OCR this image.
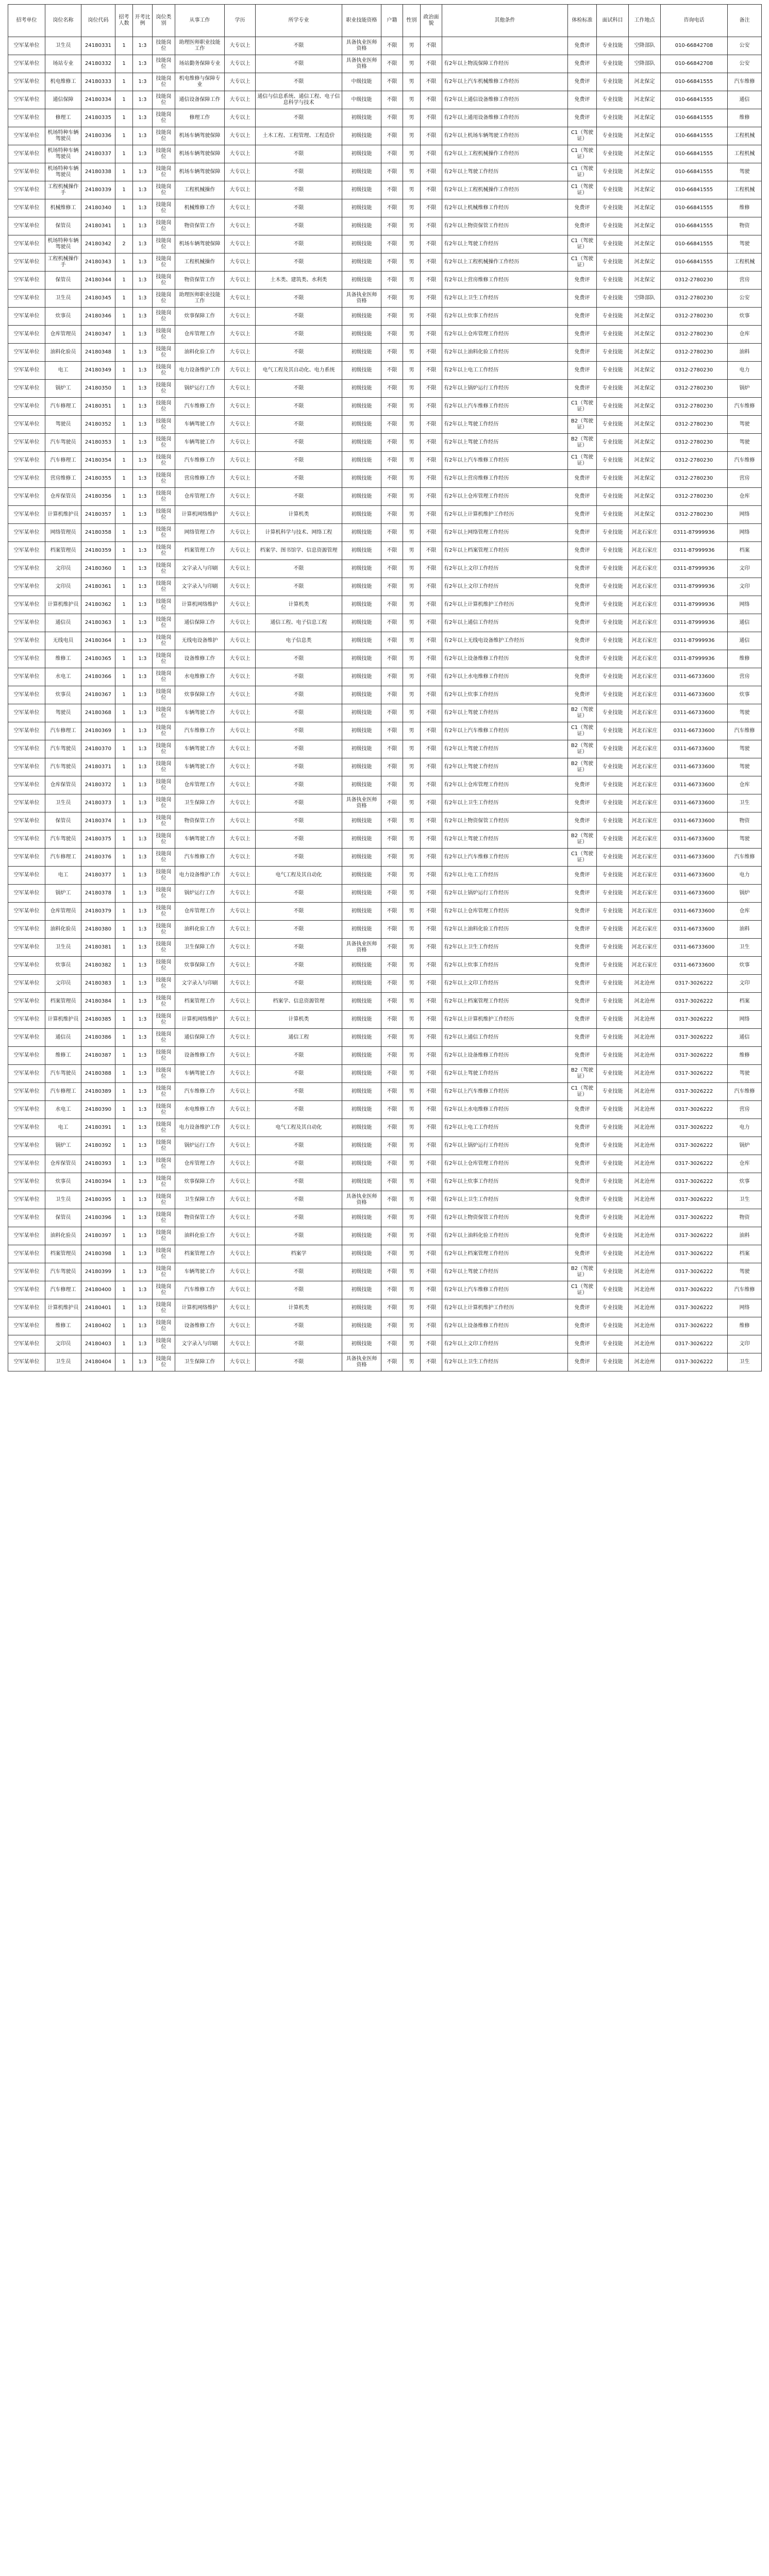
招考单位	岗位名称	岗位代码	招考人数	开考比例	岗位类别	从事工作	学历	所学专业	职业技能资格	户籍	性别	政治面貌	其他条件	体检标准	面试科目	工作地点	咨询电话	备注
空军某单位	卫生员	24180331	1	1:3	技能岗位	助理医师职业技能工作	大专以上	不限	具备执业医师资格	不限	男	不限		免费评	专业技能	空降部队	010-66842708	公安
空军某单位	场站专业	24180332	1	1:3	技能岗位	场站勤务保障专业	大专以上	不限	具备执业医师资格	不限	男	不限	有2年以上物流保障工作经历	免费评	专业技能	空降部队	010-66842708	公安
空军某单位	机电维修工	24180333	1	1:3	技能岗位	机电维修与保障专业	大专以上	不限	中级技能	不限	男	不限	有2年以上汽车机械维修工作经历	免费评	专业技能	河北保定	010-66841555	汽车维修
空军某单位	通信保障	24180334	1	1:3	技能岗位	通信设备保障工作	大专以上	通信与信息系统、通信工程、电子信息科学与技术	中级技能	不限	男	不限	有2年以上通信设备维修工作经历	免费评	专业技能	河北保定	010-66841555	通信
空军某单位	修理工	24180335	1	1:3	技能岗位	修理工作	大专以上	不限	初级技能	不限	男	不限	有2年以上通用设备维修工作经历	免费评	专业技能	河北保定	010-66841555	维修
空军某单位	机场特种车辆驾驶员	24180336	1	1:3	技能岗位	机场车辆驾驶保障	大专以上	土木工程、工程管理、工程造价	初级技能	不限	男	不限	有2年以上机场车辆驾驶工作经历	C1（驾驶证）	专业技能	河北保定	010-66841555	工程机械
空军某单位	机场特种车辆驾驶员	24180337	1	1:3	技能岗位	机场车辆驾驶保障	大专以上	不限	初级技能	不限	男	不限	有2年以上工程机械操作工作经历	C1（驾驶证）	专业技能	河北保定	010-66841555	工程机械
空军某单位	机场特种车辆驾驶员	24180338	1	1:3	技能岗位	机场车辆驾驶保障	大专以上	不限	初级技能	不限	男	不限	有2年以上驾驶工作经历	C1（驾驶证）	专业技能	河北保定	010-66841555	驾驶
空军某单位	工程机械操作手	24180339	1	1:3	技能岗位	工程机械操作	大专以上	不限	初级技能	不限	男	不限	有2年以上工程机械操作工作经历	C1（驾驶证）	专业技能	河北保定	010-66841555	工程机械
空军某单位	机械维修工	24180340	1	1:3	技能岗位	机械维修工作	大专以上	不限	初级技能	不限	男	不限	有2年以上机械维修工作经历	免费评	专业技能	河北保定	010-66841555	维修
空军某单位	保管员	24180341	1	1:3	技能岗位	物资保管工作	大专以上	不限	初级技能	不限	男	不限	有2年以上物资保管工作经历	免费评	专业技能	河北保定	010-66841555	物资
空军某单位	机场特种车辆驾驶员	24180342	2	1:3	技能岗位	机场车辆驾驶保障	大专以上	不限	初级技能	不限	男	不限	有2年以上驾驶工作经历	C1（驾驶证）	专业技能	河北保定	010-66841555	驾驶
空军某单位	工程机械操作手	24180343	1	1:3	技能岗位	工程机械操作	大专以上	不限	初级技能	不限	男	不限	有2年以上工程机械操作工作经历	C1（驾驶证）	专业技能	河北保定	010-66841555	工程机械
空军某单位	保管员	24180344	1	1:3	技能岗位	物资保管工作	大专以上	土木类、建筑类、水利类	初级技能	不限	男	不限	有2年以上营房维修工作经历	免费评	专业技能	河北保定	0312-2780230	营房
空军某单位	卫生员	24180345	1	1:3	技能岗位	助理医师职业技能工作	大专以上	不限	具备执业医师资格	不限	男	不限	有2年以上卫生工作经历	免费评	专业技能	空降部队	0312-2780230	公安
空军某单位	炊事员	24180346	1	1:3	技能岗位	炊事保障工作	大专以上	不限	初级技能	不限	男	不限	有2年以上炊事工作经历	免费评	专业技能	河北保定	0312-2780230	炊事
空军某单位	仓库管理员	24180347	1	1:3	技能岗位	仓库管理工作	大专以上	不限	初级技能	不限	男	不限	有2年以上仓库管理工作经历	免费评	专业技能	河北保定	0312-2780230	仓库
空军某单位	油料化验员	24180348	1	1:3	技能岗位	油料化验工作	大专以上	不限	初级技能	不限	男	不限	有2年以上油料化验工作经历	免费评	专业技能	河北保定	0312-2780230	油料
空军某单位	电工	24180349	1	1:3	技能岗位	电力设备维护工作	大专以上	电气工程及其自动化、电力系统	初级技能	不限	男	不限	有2年以上电工工作经历	免费评	专业技能	河北保定	0312-2780230	电力
空军某单位	锅炉工	24180350	1	1:3	技能岗位	锅炉运行工作	大专以上	不限	初级技能	不限	男	不限	有2年以上锅炉运行工作经历	免费评	专业技能	河北保定	0312-2780230	锅炉
空军某单位	汽车修理工	24180351	1	1:3	技能岗位	汽车维修工作	大专以上	不限	初级技能	不限	男	不限	有2年以上汽车维修工作经历	C1（驾驶证）	专业技能	河北保定	0312-2780230	汽车维修
空军某单位	驾驶员	24180352	1	1:3	技能岗位	车辆驾驶工作	大专以上	不限	初级技能	不限	男	不限	有2年以上驾驶工作经历	B2（驾驶证）	专业技能	河北保定	0312-2780230	驾驶
空军某单位	汽车驾驶员	24180353	1	1:3	技能岗位	车辆驾驶工作	大专以上	不限	初级技能	不限	男	不限	有2年以上驾驶工作经历	B2（驾驶证）	专业技能	河北保定	0312-2780230	驾驶
空军某单位	汽车修理工	24180354	1	1:3	技能岗位	汽车维修工作	大专以上	不限	初级技能	不限	男	不限	有2年以上汽车维修工作经历	C1（驾驶证）	专业技能	河北保定	0312-2780230	汽车维修
空军某单位	营房维修工	24180355	1	1:3	技能岗位	营房维修工作	大专以上	不限	初级技能	不限	男	不限	有2年以上营房维修工作经历	免费评	专业技能	河北保定	0312-2780230	营房
空军某单位	仓库保管员	24180356	1	1:3	技能岗位	仓库管理工作	大专以上	不限	初级技能	不限	男	不限	有2年以上仓库管理工作经历	免费评	专业技能	河北保定	0312-2780230	仓库
空军某单位	计算机维护员	24180357	1	1:3	技能岗位	计算机网络维护	大专以上	计算机类	初级技能	不限	男	不限	有2年以上计算机维护工作经历	免费评	专业技能	河北保定	0312-2780230	网络
空军某单位	网络管理员	24180358	1	1:3	技能岗位	网络管理工作	大专以上	计算机科学与技术、网络工程	初级技能	不限	男	不限	有2年以上网络管理工作经历	免费评	专业技能	河北石家庄	0311-87999936	网络
空军某单位	档案管理员	24180359	1	1:3	技能岗位	档案管理工作	大专以上	档案学、图书馆学、信息资源管理	初级技能	不限	男	不限	有2年以上档案管理工作经历	免费评	专业技能	河北石家庄	0311-87999936	档案
空军某单位	文印员	24180360	1	1:3	技能岗位	文字录入与印刷	大专以上	不限	初级技能	不限	男	不限	有2年以上文印工作经历	免费评	专业技能	河北石家庄	0311-87999936	文印
空军某单位	文印员	24180361	1	1:3	技能岗位	文字录入与印刷	大专以上	不限	初级技能	不限	男	不限	有2年以上文印工作经历	免费评	专业技能	河北石家庄	0311-87999936	文印
空军某单位	计算机维护员	24180362	1	1:3	技能岗位	计算机网络维护	大专以上	计算机类	初级技能	不限	男	不限	有2年以上计算机维护工作经历	免费评	专业技能	河北石家庄	0311-87999936	网络
空军某单位	通信员	24180363	1	1:3	技能岗位	通信保障工作	大专以上	通信工程、电子信息工程	初级技能	不限	男	不限	有2年以上通信工作经历	免费评	专业技能	河北石家庄	0311-87999936	通信
空军某单位	无线电员	24180364	1	1:3	技能岗位	无线电设备维护	大专以上	电子信息类	初级技能	不限	男	不限	有2年以上无线电设备维护工作经历	免费评	专业技能	河北石家庄	0311-87999936	通信
空军某单位	维修工	24180365	1	1:3	技能岗位	设备维修工作	大专以上	不限	初级技能	不限	男	不限	有2年以上设备维修工作经历	免费评	专业技能	河北石家庄	0311-87999936	维修
空军某单位	水电工	24180366	1	1:3	技能岗位	水电维修工作	大专以上	不限	初级技能	不限	男	不限	有2年以上水电维修工作经历	免费评	专业技能	河北石家庄	0311-66733600	营房
空军某单位	炊事员	24180367	1	1:3	技能岗位	炊事保障工作	大专以上	不限	初级技能	不限	男	不限	有2年以上炊事工作经历	免费评	专业技能	河北石家庄	0311-66733600	炊事
空军某单位	驾驶员	24180368	1	1:3	技能岗位	车辆驾驶工作	大专以上	不限	初级技能	不限	男	不限	有2年以上驾驶工作经历	B2（驾驶证）	专业技能	河北石家庄	0311-66733600	驾驶
空军某单位	汽车修理工	24180369	1	1:3	技能岗位	汽车维修工作	大专以上	不限	初级技能	不限	男	不限	有2年以上汽车维修工作经历	C1（驾驶证）	专业技能	河北石家庄	0311-66733600	汽车维修
空军某单位	汽车驾驶员	24180370	1	1:3	技能岗位	车辆驾驶工作	大专以上	不限	初级技能	不限	男	不限	有2年以上驾驶工作经历	B2（驾驶证）	专业技能	河北石家庄	0311-66733600	驾驶
空军某单位	汽车驾驶员	24180371	1	1:3	技能岗位	车辆驾驶工作	大专以上	不限	初级技能	不限	男	不限	有2年以上驾驶工作经历	B2（驾驶证）	专业技能	河北石家庄	0311-66733600	驾驶
空军某单位	仓库保管员	24180372	1	1:3	技能岗位	仓库管理工作	大专以上	不限	初级技能	不限	男	不限	有2年以上仓库管理工作经历	免费评	专业技能	河北石家庄	0311-66733600	仓库
空军某单位	卫生员	24180373	1	1:3	技能岗位	卫生保障工作	大专以上	不限	具备执业医师资格	不限	男	不限	有2年以上卫生工作经历	免费评	专业技能	河北石家庄	0311-66733600	卫生
空军某单位	保管员	24180374	1	1:3	技能岗位	物资保管工作	大专以上	不限	初级技能	不限	男	不限	有2年以上物资保管工作经历	免费评	专业技能	河北石家庄	0311-66733600	物资
空军某单位	汽车驾驶员	24180375	1	1:3	技能岗位	车辆驾驶工作	大专以上	不限	初级技能	不限	男	不限	有2年以上驾驶工作经历	B2（驾驶证）	专业技能	河北石家庄	0311-66733600	驾驶
空军某单位	汽车修理工	24180376	1	1:3	技能岗位	汽车维修工作	大专以上	不限	初级技能	不限	男	不限	有2年以上汽车维修工作经历	C1（驾驶证）	专业技能	河北石家庄	0311-66733600	汽车维修
空军某单位	电工	24180377	1	1:3	技能岗位	电力设备维护工作	大专以上	电气工程及其自动化	初级技能	不限	男	不限	有2年以上电工工作经历	免费评	专业技能	河北石家庄	0311-66733600	电力
空军某单位	锅炉工	24180378	1	1:3	技能岗位	锅炉运行工作	大专以上	不限	初级技能	不限	男	不限	有2年以上锅炉运行工作经历	免费评	专业技能	河北石家庄	0311-66733600	锅炉
空军某单位	仓库管理员	24180379	1	1:3	技能岗位	仓库管理工作	大专以上	不限	初级技能	不限	男	不限	有2年以上仓库管理工作经历	免费评	专业技能	河北石家庄	0311-66733600	仓库
空军某单位	油料化验员	24180380	1	1:3	技能岗位	油料化验工作	大专以上	不限	初级技能	不限	男	不限	有2年以上油料化验工作经历	免费评	专业技能	河北石家庄	0311-66733600	油料
空军某单位	卫生员	24180381	1	1:3	技能岗位	卫生保障工作	大专以上	不限	具备执业医师资格	不限	男	不限	有2年以上卫生工作经历	免费评	专业技能	河北石家庄	0311-66733600	卫生
空军某单位	炊事员	24180382	1	1:3	技能岗位	炊事保障工作	大专以上	不限	初级技能	不限	男	不限	有2年以上炊事工作经历	免费评	专业技能	河北石家庄	0311-66733600	炊事
空军某单位	文印员	24180383	1	1:3	技能岗位	文字录入与印刷	大专以上	不限	初级技能	不限	男	不限	有2年以上文印工作经历	免费评	专业技能	河北沧州	0317-3026222	文印
空军某单位	档案管理员	24180384	1	1:3	技能岗位	档案管理工作	大专以上	档案学、信息资源管理	初级技能	不限	男	不限	有2年以上档案管理工作经历	免费评	专业技能	河北沧州	0317-3026222	档案
空军某单位	计算机维护员	24180385	1	1:3	技能岗位	计算机网络维护	大专以上	计算机类	初级技能	不限	男	不限	有2年以上计算机维护工作经历	免费评	专业技能	河北沧州	0317-3026222	网络
空军某单位	通信员	24180386	1	1:3	技能岗位	通信保障工作	大专以上	通信工程	初级技能	不限	男	不限	有2年以上通信工作经历	免费评	专业技能	河北沧州	0317-3026222	通信
空军某单位	维修工	24180387	1	1:3	技能岗位	设备维修工作	大专以上	不限	初级技能	不限	男	不限	有2年以上设备维修工作经历	免费评	专业技能	河北沧州	0317-3026222	维修
空军某单位	汽车驾驶员	24180388	1	1:3	技能岗位	车辆驾驶工作	大专以上	不限	初级技能	不限	男	不限	有2年以上驾驶工作经历	B2（驾驶证）	专业技能	河北沧州	0317-3026222	驾驶
空军某单位	汽车修理工	24180389	1	1:3	技能岗位	汽车维修工作	大专以上	不限	初级技能	不限	男	不限	有2年以上汽车维修工作经历	C1（驾驶证）	专业技能	河北沧州	0317-3026222	汽车维修
空军某单位	水电工	24180390	1	1:3	技能岗位	水电维修工作	大专以上	不限	初级技能	不限	男	不限	有2年以上水电维修工作经历	免费评	专业技能	河北沧州	0317-3026222	营房
空军某单位	电工	24180391	1	1:3	技能岗位	电力设备维护工作	大专以上	电气工程及其自动化	初级技能	不限	男	不限	有2年以上电工工作经历	免费评	专业技能	河北沧州	0317-3026222	电力
空军某单位	锅炉工	24180392	1	1:3	技能岗位	锅炉运行工作	大专以上	不限	初级技能	不限	男	不限	有2年以上锅炉运行工作经历	免费评	专业技能	河北沧州	0317-3026222	锅炉
空军某单位	仓库保管员	24180393	1	1:3	技能岗位	仓库管理工作	大专以上	不限	初级技能	不限	男	不限	有2年以上仓库管理工作经历	免费评	专业技能	河北沧州	0317-3026222	仓库
空军某单位	炊事员	24180394	1	1:3	技能岗位	炊事保障工作	大专以上	不限	初级技能	不限	男	不限	有2年以上炊事工作经历	免费评	专业技能	河北沧州	0317-3026222	炊事
空军某单位	卫生员	24180395	1	1:3	技能岗位	卫生保障工作	大专以上	不限	具备执业医师资格	不限	男	不限	有2年以上卫生工作经历	免费评	专业技能	河北沧州	0317-3026222	卫生
空军某单位	保管员	24180396	1	1:3	技能岗位	物资保管工作	大专以上	不限	初级技能	不限	男	不限	有2年以上物资保管工作经历	免费评	专业技能	河北沧州	0317-3026222	物资
空军某单位	油料化验员	24180397	1	1:3	技能岗位	油料化验工作	大专以上	不限	初级技能	不限	男	不限	有2年以上油料化验工作经历	免费评	专业技能	河北沧州	0317-3026222	油料
空军某单位	档案管理员	24180398	1	1:3	技能岗位	档案管理工作	大专以上	档案学	初级技能	不限	男	不限	有2年以上档案管理工作经历	免费评	专业技能	河北沧州	0317-3026222	档案
空军某单位	汽车驾驶员	24180399	1	1:3	技能岗位	车辆驾驶工作	大专以上	不限	初级技能	不限	男	不限	有2年以上驾驶工作经历	B2（驾驶证）	专业技能	河北沧州	0317-3026222	驾驶
空军某单位	汽车修理工	24180400	1	1:3	技能岗位	汽车维修工作	大专以上	不限	初级技能	不限	男	不限	有2年以上汽车维修工作经历	C1（驾驶证）	专业技能	河北沧州	0317-3026222	汽车维修
空军某单位	计算机维护员	24180401	1	1:3	技能岗位	计算机网络维护	大专以上	计算机类	初级技能	不限	男	不限	有2年以上计算机维护工作经历	免费评	专业技能	河北沧州	0317-3026222	网络
空军某单位	维修工	24180402	1	1:3	技能岗位	设备维修工作	大专以上	不限	初级技能	不限	男	不限	有2年以上设备维修工作经历	免费评	专业技能	河北沧州	0317-3026222	维修
空军某单位	文印员	24180403	1	1:3	技能岗位	文字录入与印刷	大专以上	不限	初级技能	不限	男	不限	有2年以上文印工作经历	免费评	专业技能	河北沧州	0317-3026222	文印
空军某单位	卫生员	24180404	1	1:3	技能岗位	卫生保障工作	大专以上	不限	具备执业医师资格	不限	男	不限	有2年以上卫生工作经历	免费评	专业技能	河北沧州	0317-3026222	卫生
